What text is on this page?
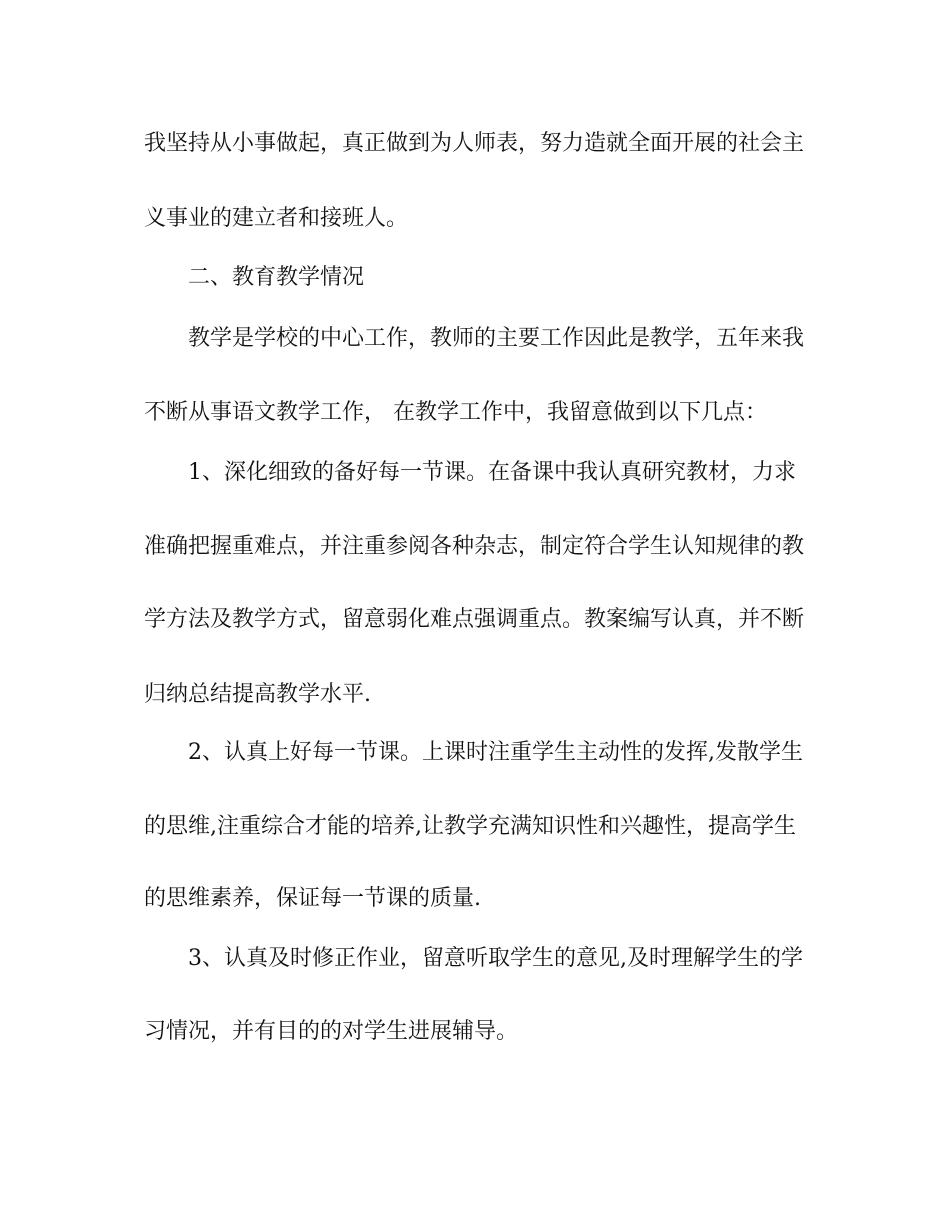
我坚持从小事做起，真正做到为人师表，努力造就全面开展的社会主
义事业的建立者和接班人。
二、教育教学情况
教学是学校的中心工作，教师的主要工作因此是教学，五年来我
不断从事语文教学工作， 在教学工作中，我留意做到以下几点：
1、深化细致的备好每一节课。在备课中我认真研究教材，力求
准确把握重难点，并注重参阅各种杂志，制定符合学生认知规律的教
学方法及教学方式，留意弱化难点强调重点。教案编写认真，并不断
归纳总结提高教学水平.
2、认真上好每一节课。上课时注重学生主动性的发挥,发散学生
的思维,注重综合才能的培养,让教学充满知识性和兴趣性，提高学生
的思维素养，保证每一节课的质量.
3、认真及时修正作业，留意听取学生的意见,及时理解学生的学
习情况，并有目的的对学生进展辅导。
